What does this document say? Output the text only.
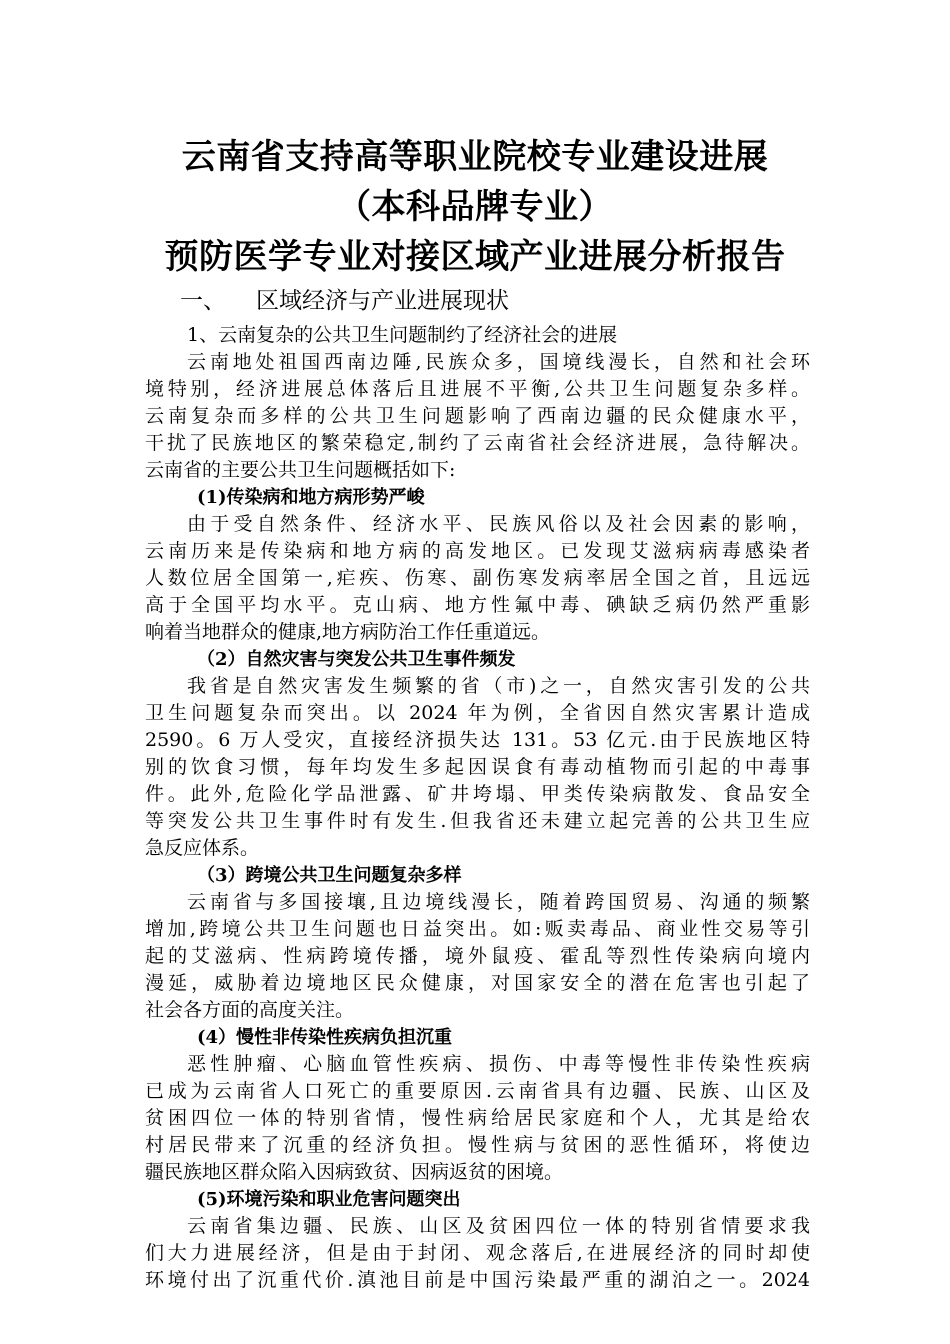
云南省支持高等职业院校专业建设进展
（本科品牌专业）
预防医学专业对接区域产业进展分析报告
一、 区域经济与产业进展现状
1、云南复杂的公共卫生问题制约了经济社会的进展
云南地处祖国西南边陲,民族众多，国境线漫长，自然和社会环
境特别，经济进展总体落后且进展不平衡,公共卫生问题复杂多样。
云南复杂而多样的公共卫生问题影响了西南边疆的民众健康水平，
干扰了民族地区的繁荣稳定,制约了云南省社会经济进展，急待解决。
云南省的主要公共卫生问题概括如下:
(1)传染病和地方病形势严峻
由于受自然条件、经济水平、民族风俗以及社会因素的影响，
云南历来是传染病和地方病的高发地区。已发现艾滋病病毒感染者
人数位居全国第一,疟疾、伤寒、副伤寒发病率居全国之首，且远远
高于全国平均水平。克山病、地方性氟中毒、碘缺乏病仍然严重影
响着当地群众的健康,地方病防治工作任重道远。
（2）自然灾害与突发公共卫生事件频发
我省是自然灾害发生频繁的省（市)之一，自然灾害引发的公共
卫生问题复杂而突出。以 2024 年为例，全省因自然灾害累计造成
2590。6 万人受灾，直接经济损失达 131。53 亿元.由于民族地区特
别的饮食习惯，每年均发生多起因误食有毒动植物而引起的中毒事
件。此外,危险化学品泄露、矿井垮塌、甲类传染病散发、食品安全
等突发公共卫生事件时有发生.但我省还未建立起完善的公共卫生应
急反应体系。
（3）跨境公共卫生问题复杂多样
云南省与多国接壤,且边境线漫长，随着跨国贸易、沟通的频繁
增加,跨境公共卫生问题也日益突出。如:贩卖毒品、商业性交易等引
起的艾滋病、性病跨境传播，境外鼠疫、霍乱等烈性传染病向境内
漫延，威胁着边境地区民众健康，对国家安全的潜在危害也引起了
社会各方面的高度关注。
(4）慢性非传染性疾病负担沉重
恶性肿瘤、心脑血管性疾病、损伤、中毒等慢性非传染性疾病
已成为云南省人口死亡的重要原因.云南省具有边疆、民族、山区及
贫困四位一体的特别省情，慢性病给居民家庭和个人，尤其是给农
村居民带来了沉重的经济负担。慢性病与贫困的恶性循环，将使边
疆民族地区群众陷入因病致贫、因病返贫的困境。
(5)环境污染和职业危害问题突出
云南省集边疆、民族、山区及贫困四位一体的特别省情要求我
们大力进展经济，但是由于封闭、观念落后,在进展经济的同时却使
环境付出了沉重代价.滇池目前是中国污染最严重的湖泊之一。2024
